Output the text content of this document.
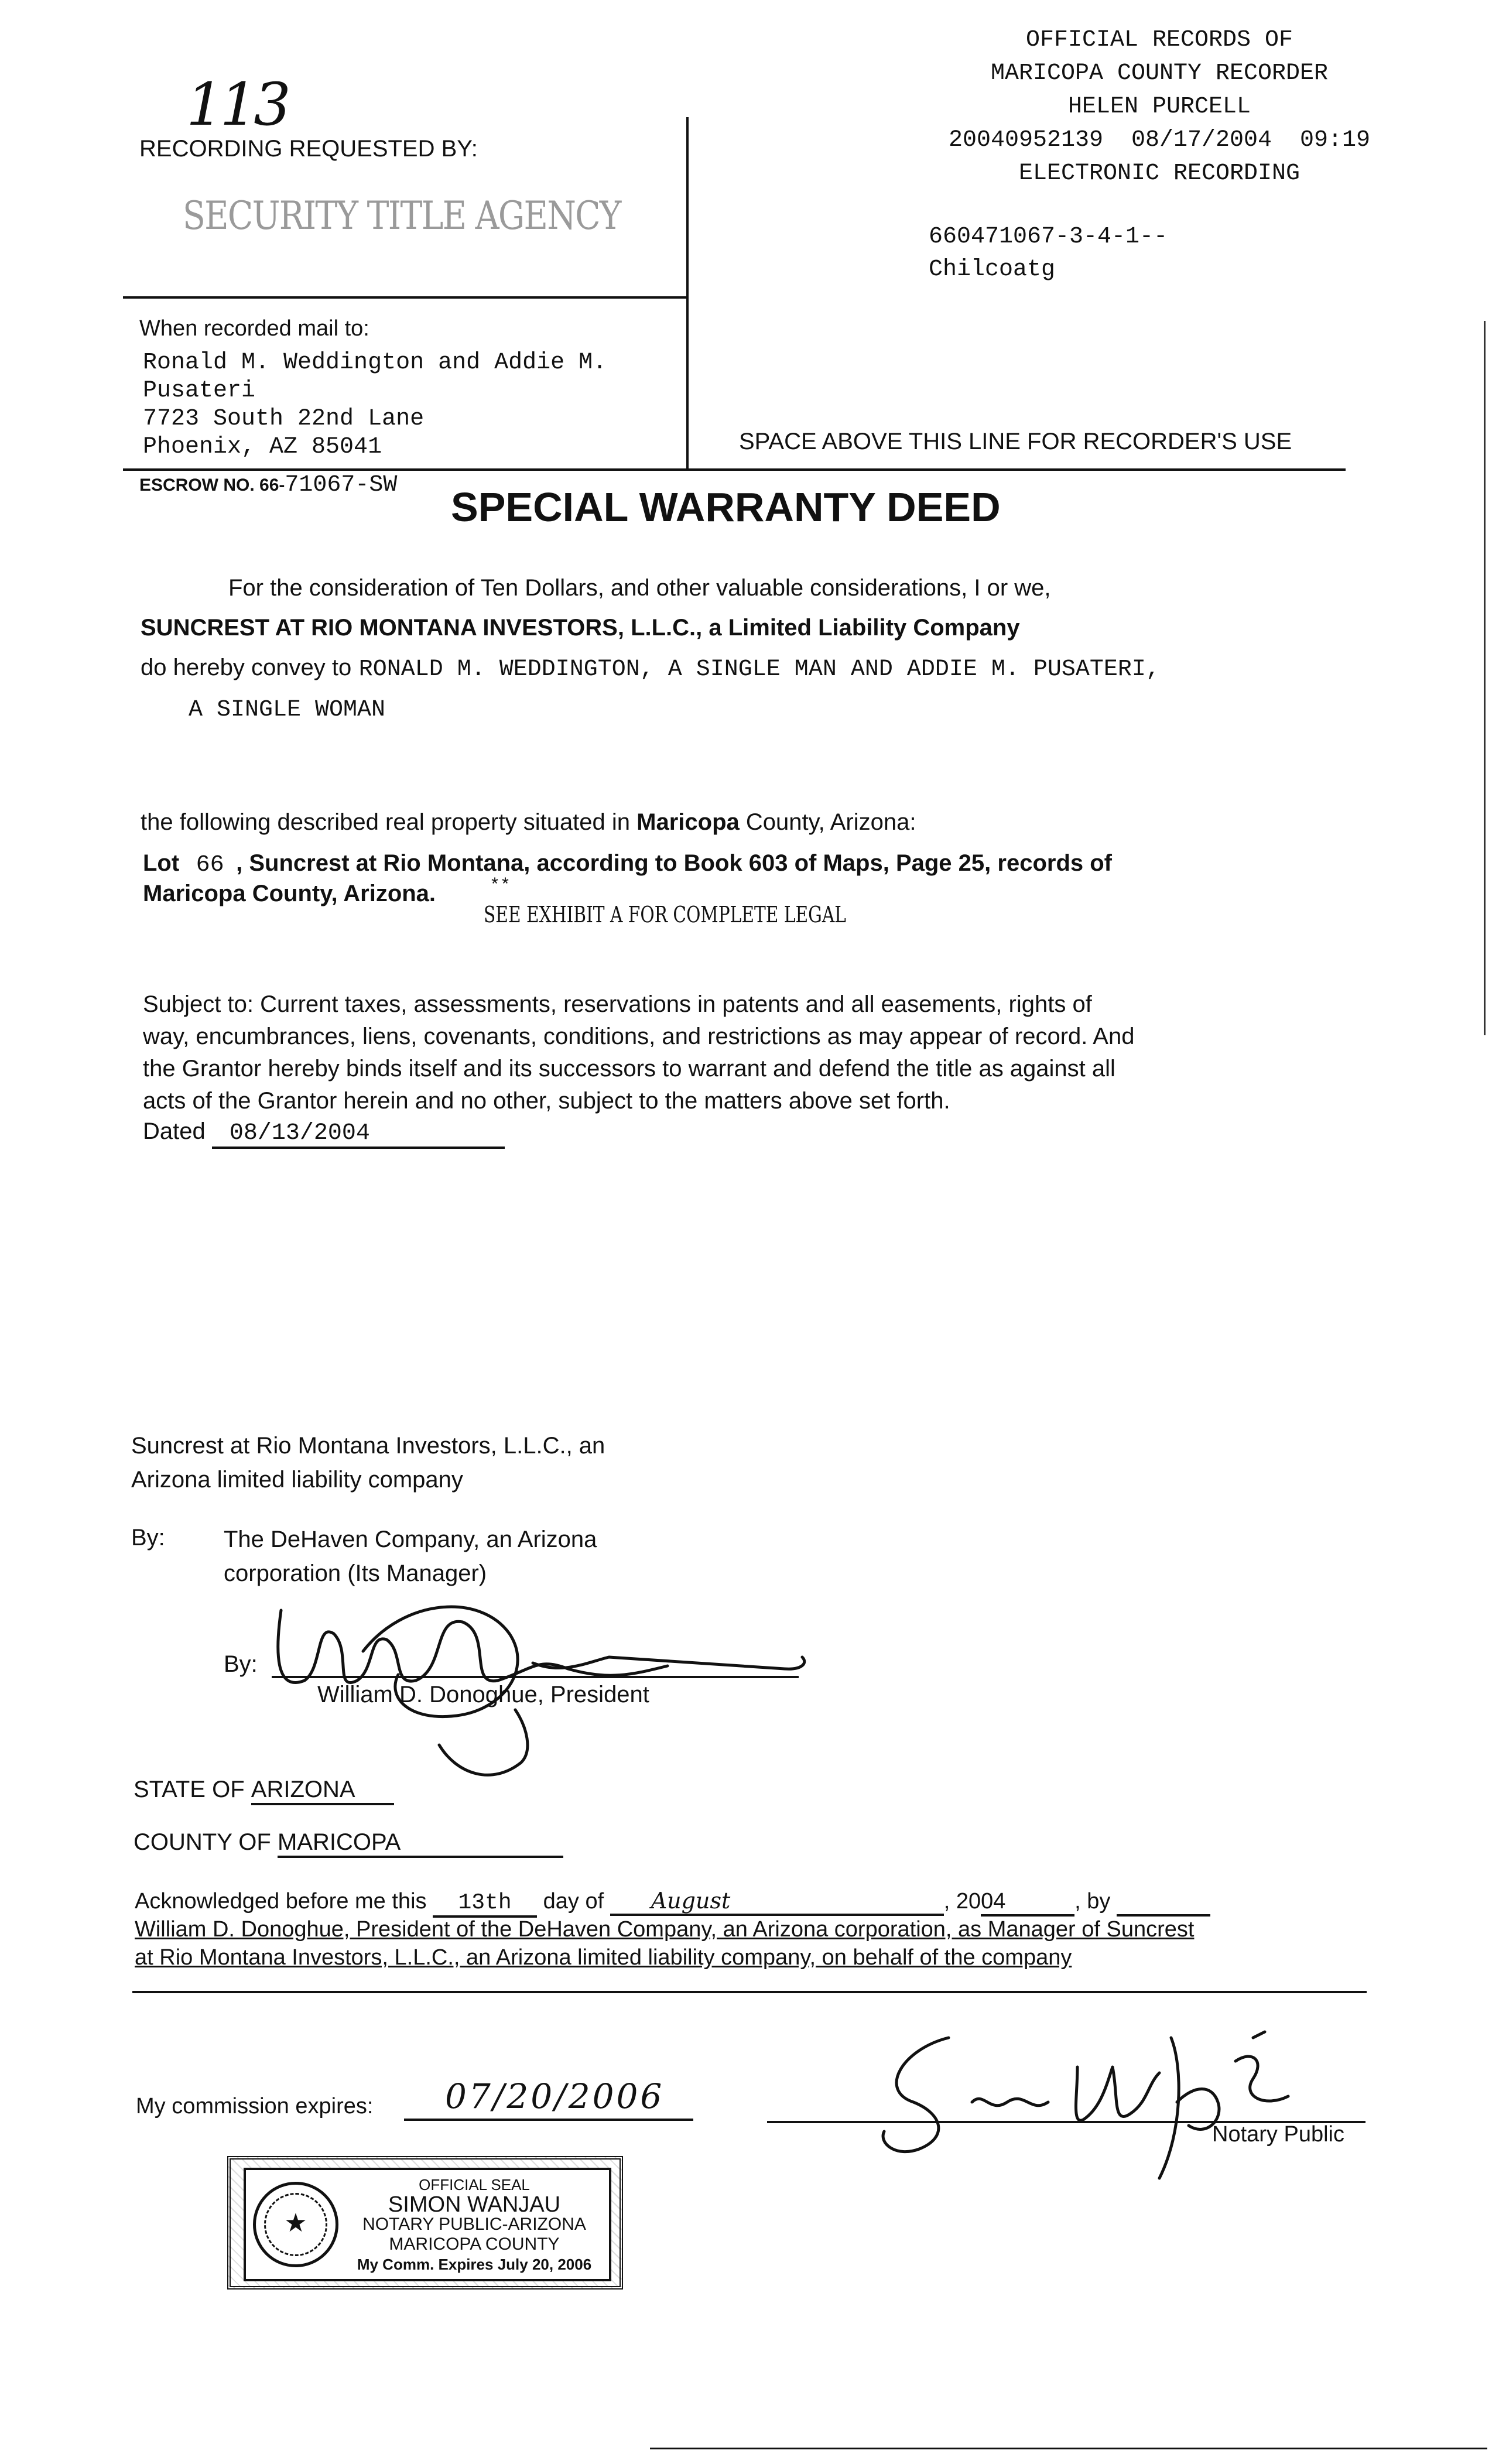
113
RECORDING REQUESTED BY:
SECURITY TITLE AGENCY
When recorded mail to:
Ronald M. Weddington and Addie M.
Pusateri
7723 South 22nd Lane
Phoenix, AZ 85041
ESCROW NO. 66-71067-SW
OFFICIAL RECORDS OF
MARICOPA COUNTY RECORDER
HELEN PURCELL
20040952139  08/17/2004  09:19
ELECTRONIC RECORDING
660471067-3-4-1--
Chilcoatg
SPACE ABOVE THIS LINE FOR RECORDER'S USE
SPECIAL WARRANTY DEED
For the consideration of Ten Dollars, and other valuable considerations, I or we,
SUNCREST AT RIO MONTANA INVESTORS, L.L.C., a Limited Liability Company
do hereby convey to RONALD M. WEDDINGTON, A SINGLE MAN AND ADDIE M. PUSATERI,
A SINGLE WOMAN
the following described real property situated in Maricopa County, Arizona:
Lot 66 , Suncrest at Rio Montana, according to Book 603 of Maps, Page 25, records of
Maricopa County, Arizona.	**
SEE EXHIBIT A FOR COMPLETE LEGAL
Subject to: Current taxes, assessments, reservations in patents and all easements, rights of
way, encumbrances, liens, covenants, conditions, and restrictions as may appear of record. And
the Grantor hereby binds itself and its successors to warrant and defend the title as against all
acts of the Grantor herein and no other, subject to the matters above set forth.
Dated 08/13/2004
Suncrest at Rio Montana Investors, L.L.C., an
Arizona limited liability company
By:	The DeHaven Company, an Arizona
corporation (Its Manager)
By:
William D. Donoghue, President
STATE OF ARIZONA
COUNTY OF MARICOPA
Acknowledged before me this 13th day of August	, 2004	, by
William D. Donoghue, President of the DeHaven Company, an Arizona corporation, as Manager of Suncrest
at Rio Montana Investors, L.L.C., an Arizona limited liability company, on behalf of the company
My commission expires: 07/20/2006
Notary Public
★
OFFICIAL SEAL
SIMON WANJAU
NOTARY PUBLIC-ARIZONA
MARICOPA COUNTY
My Comm. Expires July 20, 2006
